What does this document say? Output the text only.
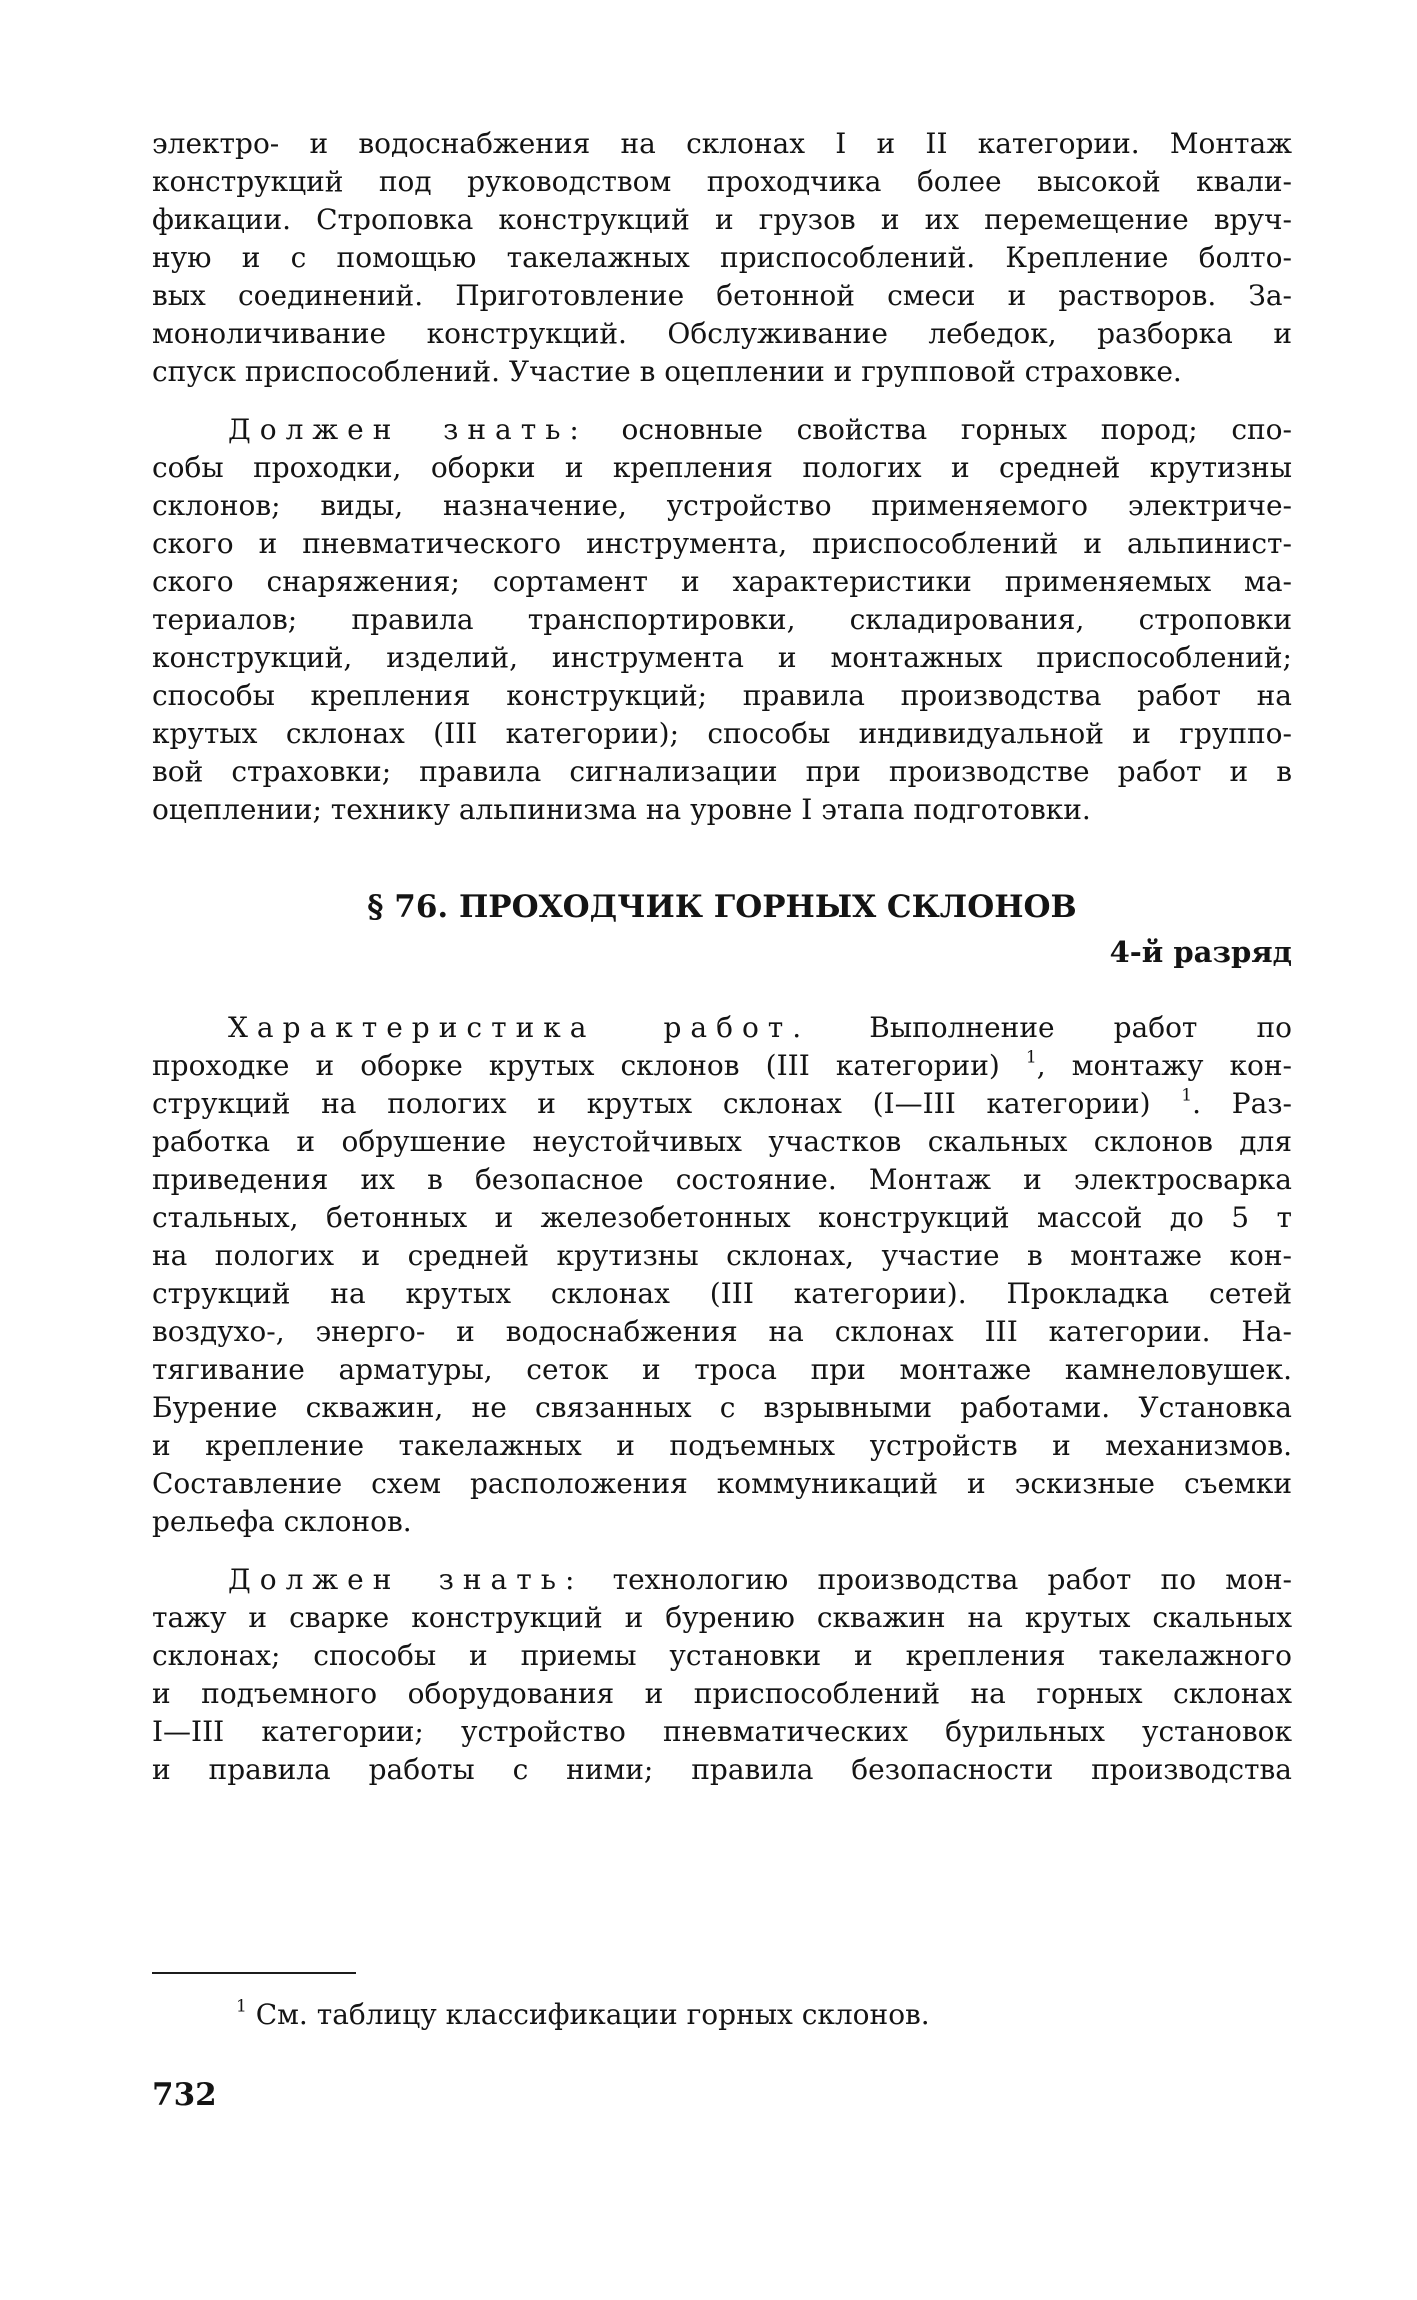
электро- и водоснабжения на склонах I и II категории. Монтаж
конструкций под руководством проходчика более высокой квали-
фикации. Строповка конструкций и грузов и их перемещение вруч-
ную и с помощью такелажных приспособлений. Крепление болто-
вых соединений. Приготовление бетонной смеси и растворов. За-
моноличивание конструкций. Обслуживание лебедок, разборка и
спуск приспособлений. Участие в оцеплении и групповой страховке.
Должен знать: основные свойства горных пород; спо-
собы проходки, оборки и крепления пологих и средней крутизны
склонов; виды, назначение, устройство применяемого электриче-
ского и пневматического инструмента, приспособлений и альпинист-
ского снаряжения; сортамент и характеристики применяемых ма-
териалов; правила транспортировки, складирования, строповки
конструкций, изделий, инструмента и монтажных приспособлений;
способы крепления конструкций; правила производства работ на
крутых склонах (III категории); способы индивидуальной и группо-
вой страховки; правила сигнализации при производстве работ и в
оцеплении; технику альпинизма на уровне I этапа подготовки.
§ 76. ПРОХОДЧИК ГОРНЫХ СКЛОНОВ
4-й разряд
Характеристика работ. Выполнение работ по
проходке и оборке крутых склонов (III категории) $^1$, монтажу кон-
струкций на пологих и крутых склонах (I—III категории) $^1$. Раз-
работка и обрушение неустойчивых участков скальных склонов для
приведения их в безопасное состояние. Монтаж и электросварка
стальных, бетонных и железобетонных конструкций массой до 5 т
на пологих и средней крутизны склонах, участие в монтаже кон-
струкций на крутых склонах (III категории). Прокладка сетей
воздухо-, энерго- и водоснабжения на склонах III категории. На-
тягивание арматуры, сеток и троса при монтаже камнеловушек.
Бурение скважин, не связанных с взрывными работами. Установка
и крепление такелажных и подъемных устройств и механизмов.
Составление схем расположения коммуникаций и эскизные съемки
рельефа склонов.
Должен знать: технологию производства работ по мон-
тажу и сварке конструкций и бурению скважин на крутых скальных
склонах; способы и приемы установки и крепления такелажного
и подъемного оборудования и приспособлений на горных склонах
I—III категории; устройство пневматических бурильных установок
и правила работы с ними; правила безопасности производства
$^1$ См. таблицу классификации горных склонов.
732
